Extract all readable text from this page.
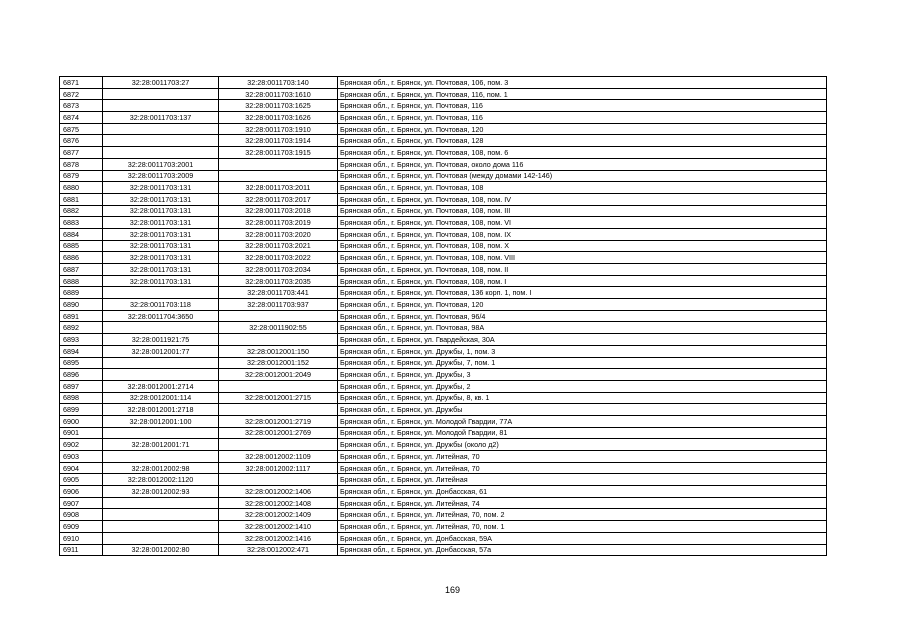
6871	32:28:0011703:27	32:28:0011703:140	Брянская обл., г. Брянск, ул. Почтовая, 106, пом. 3
6872		32:28:0011703:1610	Брянская обл., г. Брянск, ул. Почтовая, 116, пом. 1
6873		32:28:0011703:1625	Брянская обл., г. Брянск, ул. Почтовая, 116
6874	32:28:0011703:137	32:28:0011703:1626	Брянская обл., г. Брянск, ул. Почтовая, 116
6875		32:28:0011703:1910	Брянская обл., г. Брянск, ул. Почтовая, 120
6876		32:28:0011703:1914	Брянская обл., г. Брянск, ул. Почтовая, 128
6877		32:28:0011703:1915	Брянская обл., г. Брянск, ул. Почтовая, 108, пом. 6
6878	32:28:0011703:2001		Брянская обл., г. Брянск, ул. Почтовая, около дома 116
6879	32:28:0011703:2009		Брянская обл., г. Брянск, ул. Почтовая (между домами 142-146)
6880	32:28:0011703:131	32:28:0011703:2011	Брянская обл., г. Брянск, ул. Почтовая, 108
6881	32:28:0011703:131	32:28:0011703:2017	Брянская обл., г. Брянск, ул. Почтовая, 108, пом. IV
6882	32:28:0011703:131	32:28:0011703:2018	Брянская обл., г. Брянск, ул. Почтовая, 108, пом. III
6883	32:28:0011703:131	32:28:0011703:2019	Брянская обл., г. Брянск, ул. Почтовая, 108, пом. VI
6884	32:28:0011703:131	32:28:0011703:2020	Брянская обл., г. Брянск, ул. Почтовая, 108, пом. IX
6885	32:28:0011703:131	32:28:0011703:2021	Брянская обл., г. Брянск, ул. Почтовая, 108, пом. X
6886	32:28:0011703:131	32:28:0011703:2022	Брянская обл., г. Брянск, ул. Почтовая, 108, пом. VIII
6887	32:28:0011703:131	32:28:0011703:2034	Брянская обл., г. Брянск, ул. Почтовая, 108, пом. II
6888	32:28:0011703:131	32:28:0011703:2035	Брянская обл., г. Брянск, ул. Почтовая, 108, пом. I
6889		32:28:0011703:441	Брянская обл., г. Брянск, ул. Почтовая, 136 корп. 1, пом. I
6890	32:28:0011703:118	32:28:0011703:937	Брянская обл., г. Брянск, ул. Почтовая, 120
6891	32:28:0011704:3650		Брянская обл., г. Брянск, ул. Почтовая, 96/4
6892		32:28:0011902:55	Брянская обл., г. Брянск, ул. Почтовая, 98А
6893	32:28:0011921:75		Брянская обл., г. Брянск, ул. Гвардейская, 30А
6894	32:28:0012001:77	32:28:0012001:150	Брянская обл., г. Брянск, ул. Дружбы, 1, пом. 3
6895		32:28:0012001:152	Брянская обл., г. Брянск, ул. Дружбы, 7, пом. 1
6896		32:28:0012001:2049	Брянская обл., г. Брянск, ул. Дружбы, 3
6897	32:28:0012001:2714		Брянская обл., г. Брянск, ул. Дружбы, 2
6898	32:28:0012001:114	32:28:0012001:2715	Брянская обл., г. Брянск, ул. Дружбы, 8, кв. 1
6899	32:28:0012001:2718		Брянская обл., г. Брянск, ул. Дружбы
6900	32:28:0012001:100	32:28:0012001:2719	Брянская обл., г. Брянск, ул. Молодой Гвардии, 77А
6901		32:28:0012001:2769	Брянская обл., г. Брянск, ул. Молодой Гвардии, 81
6902	32:28:0012001:71		Брянская обл., г. Брянск, ул. Дружбы (около д2)
6903		32:28:0012002:1109	Брянская обл., г. Брянск, ул. Литейная, 70
6904	32:28:0012002:98	32:28:0012002:1117	Брянская обл., г. Брянск, ул. Литейная, 70
6905	32:28:0012002:1120		Брянская обл., г. Брянск, ул. Литейная
6906	32:28:0012002:93	32:28:0012002:1406	Брянская обл., г. Брянск, ул. Донбасская, 61
6907		32:28:0012002:1408	Брянская обл., г. Брянск, ул. Литейная, 74
6908		32:28:0012002:1409	Брянская обл., г. Брянск, ул. Литейная, 70, пом. 2
6909		32:28:0012002:1410	Брянская обл., г. Брянск, ул. Литейная, 70, пом. 1
6910		32:28:0012002:1416	Брянская обл., г. Брянск, ул. Донбасская, 59А
6911	32:28:0012002:80	32:28:0012002:471	Брянская обл., г. Брянск, ул. Донбасская, 57а
169
